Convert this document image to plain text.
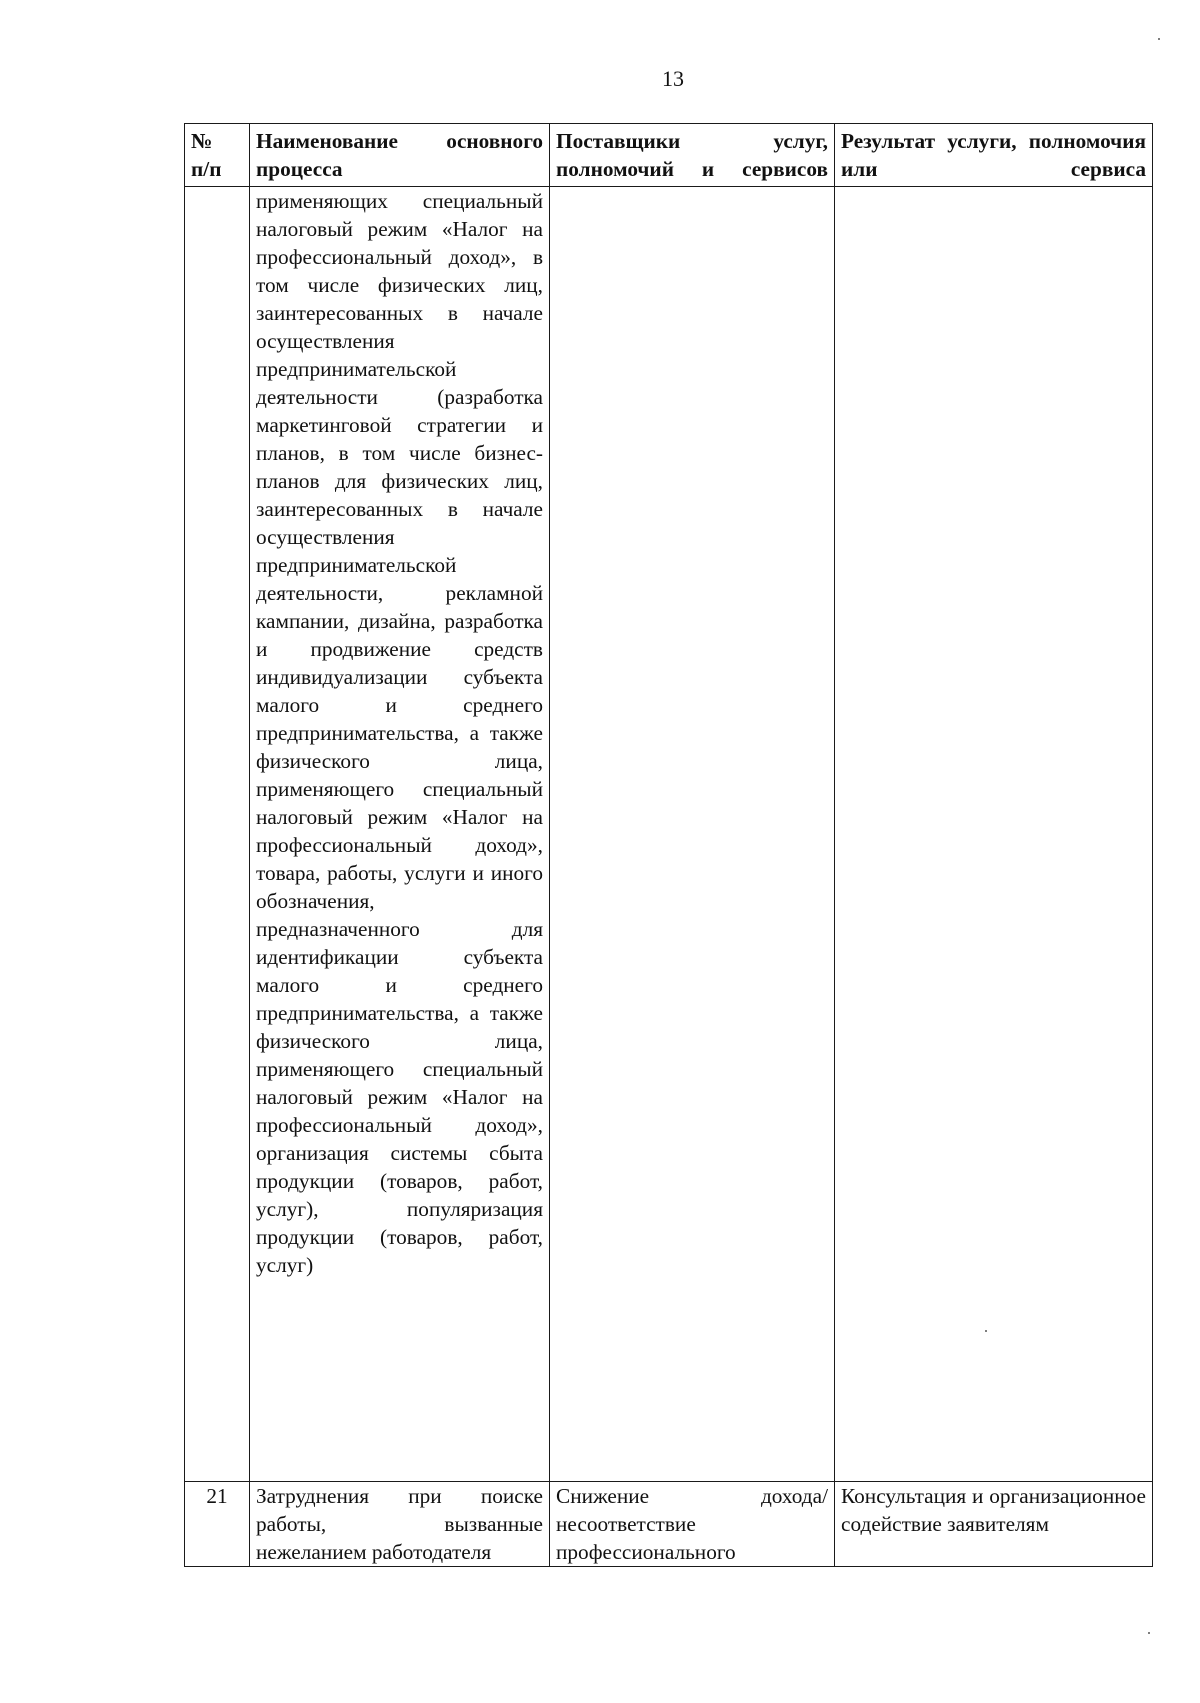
13
№
п/п	Наименование основного процесса	Поставщики услуг, полномочий и сервисов	Результат услуги, полномочия или сервиса
	применяющих специальный налоговый режим «Налог на профессиональный доход», в том числе физических лиц, заинтересованных в начале осуществления предпринимательской деятельности (разработка маркетинговой стратегии и планов, в том числе бизнес-планов для физических лиц, заинтересованных в начале осуществления предпринимательской деятельности, рекламной кампании, дизайна, разработка и продвижение средств индивидуализации субъекта малого и среднего предпринимательства, а также физического лица, применяющего специальный налоговый режим «Налог на профессиональный доход», товара, работы, услуги и иного обозначения, предназначенного для идентификации субъекта малого и среднего предпринимательства, а также физического лица, применяющего специальный налоговый режим «Налог на профессиональный доход», организация системы сбыта продукции (товаров, работ, услуг), популяризация продукции (товаров, работ, услуг)		
21	Затруднения при поиске работы, вызванные нежеланием работодателя	Снижение дохода/ несоответствие профессионального	Консультация и организационное содействие заявителям
